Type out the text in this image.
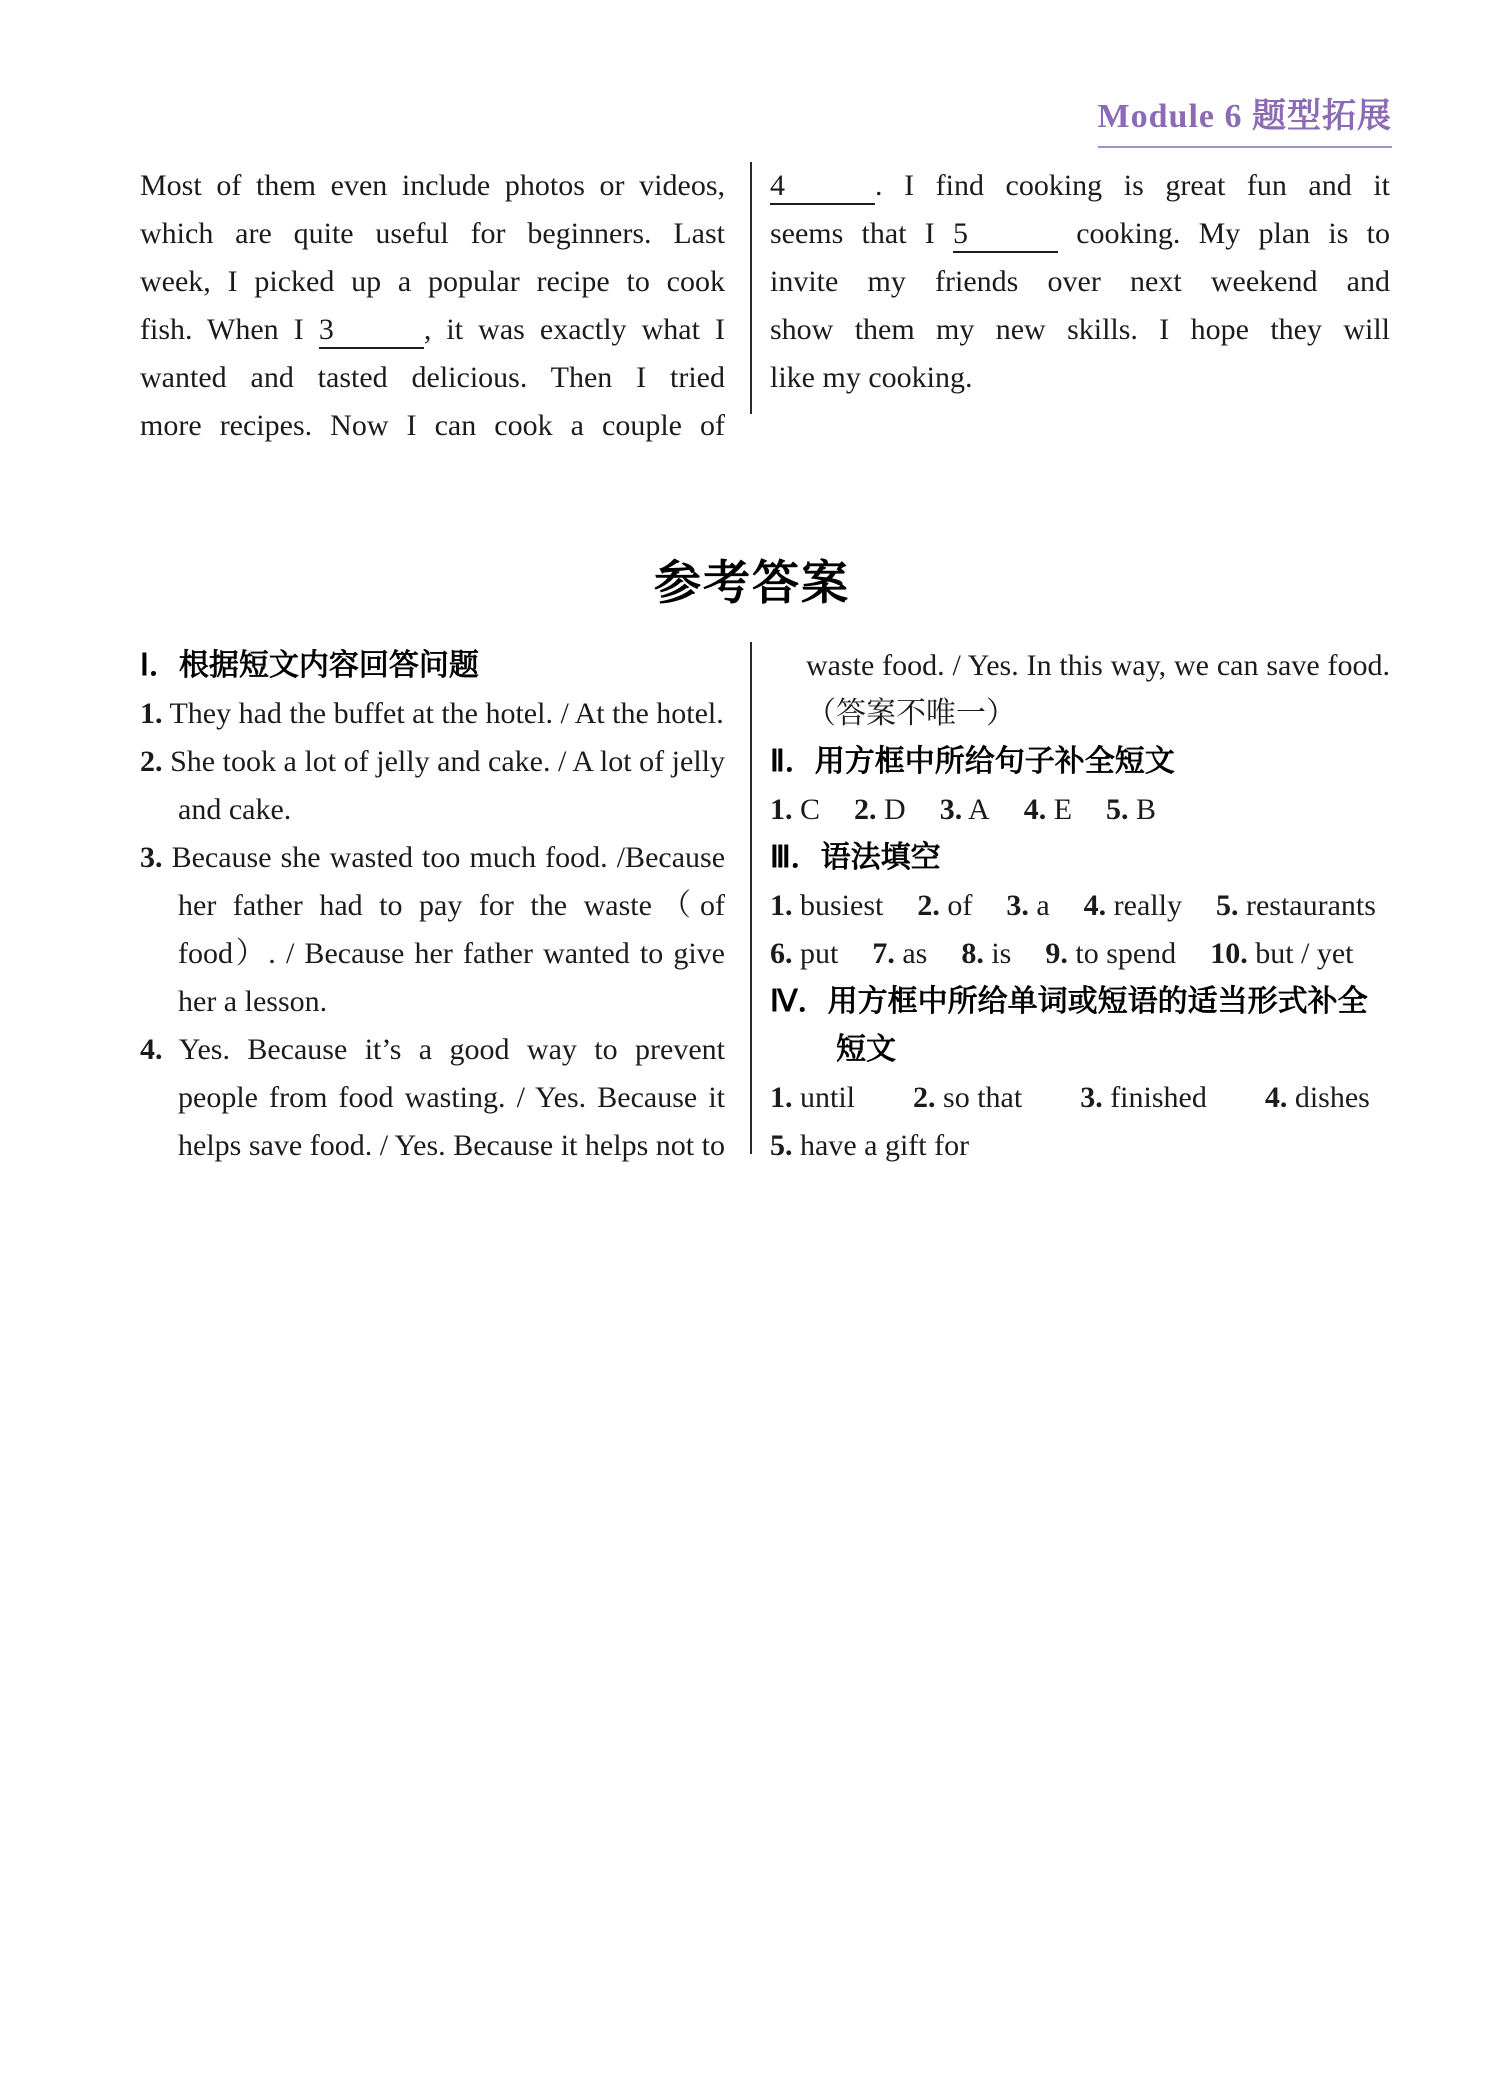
Module 6 题型拓展

Most of them even include photos or videos,

which are quite useful for beginners. Last

week, I picked up a popular recipe to cook

fish. When I 3	, it was exactly what I

wanted and tasted delicious. Then I tried

more recipes. Now I can cook a couple of

4	. I find cooking is great fun and it

seems that I 5	cooking. My plan is to

invite my friends over next weekend and

show them my new skills. I hope they will

like my cooking.

参考答案

Ⅰ．根据短文内容回答问题

1. They had the buffet at the hotel. / At the hotel.

2. She took a lot of jelly and cake. / A lot of jelly and cake.

3. Because she wasted too much food. /Because her father had to pay for the waste（of food）. / Because her father wanted to give her a lesson.

4. Yes. Because it’s a good way to prevent people from food wasting. / Yes. Because it helps save food. / Yes. Because it helps not to

waste food. / Yes. In this way, we can save food.（答案不唯一）

Ⅱ．用方框中所给句子补全短文

1. C 2. D 3. A 4. E 5. B

Ⅲ．语法填空

1. busiest 2. of 3. a 4. really 5. restaurants
6. put 7. as 8. is 9. to spend 10. but / yet

Ⅳ．用方框中所给单词或短语的适当形式补全短文

1. until 2. so that 3. finished 4. dishes
5. have a gift for
